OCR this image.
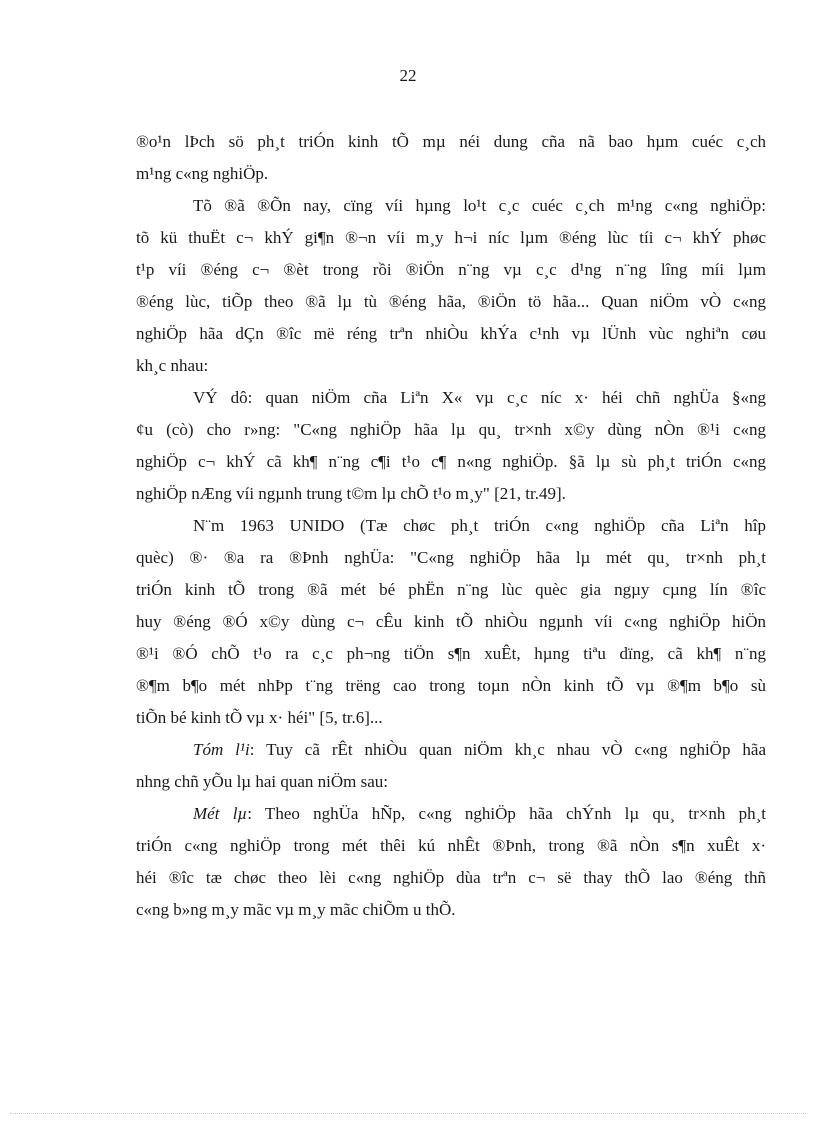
22
®o¹n lÞch sö ph¸t triÓn kinh tÕ mµ néi dung cña nã bao hµm cuéc c¸ch
m¹ng c«ng nghiÖp.
Tõ ®ã ®Õn nay, cïng víi hµng lo¹t c¸c cuéc c¸ch m¹ng c«ng nghiÖp:
tõ kü thuËt c¬ khÝ gi¶n ®¬n víi m¸y h¬i níc lµm ®éng lùc tíi c¬ khÝ phøc
t¹p víi ®éng c¬ ®èt trong rồi ®iÖn n¨ng vµ c¸c d¹ng n¨ng lîng míi lµm
®éng lùc, tiÕp theo ®ã lµ tù ®éng hãa, ®iÖn tö hãa... Quan niÖm vÒ c«ng
nghiÖp hãa dÇn ®îc më réng trªn nhiÒu khÝa c¹nh vµ lÜnh vùc nghiªn cøu
kh¸c nhau:
VÝ dô: quan niÖm cña Liªn X« vµ c¸c níc x· héi chñ nghÜa §«ng
¢u (cò) cho r»ng: "C«ng nghiÖp hãa lµ qu¸ tr×nh x©y dùng nÒn ®¹i c«ng
nghiÖp c¬ khÝ cã kh¶ n¨ng c¶i t¹o c¶ n«ng nghiÖp. §ã lµ sù ph¸t triÓn c«ng
nghiÖp nÆng víi ngµnh trung t©m lµ chÕ t¹o m¸y" [21, tr.49].
N¨m 1963 UNIDO (Tæ chøc ph¸t triÓn c«ng nghiÖp cña Liªn hîp
quèc) ®· ®a ra ®Þnh nghÜa: "C«ng nghiÖp hãa lµ mét qu¸ tr×nh ph¸t
triÓn kinh tÕ trong ®ã mét bé phËn n¨ng lùc quèc gia ngµy cµng lín ®îc
huy ®éng ®Ó x©y dùng c¬ cÊu kinh tÕ nhiÒu ngµnh víi c«ng nghiÖp hiÖn
®¹i ®Ó chÕ t¹o ra c¸c ph¬ng tiÖn s¶n xuÊt, hµng tiªu dïng, cã kh¶ n¨ng
®¶m b¶o mét nhÞp t¨ng trëng cao trong toµn nÒn kinh tÕ vµ ®¶m b¶o sù
tiÕn bé kinh tÕ vµ x· héi" [5, tr.6]...
Tóm l¹i: Tuy cã rÊt nhiÒu quan niÖm kh¸c nhau vÒ c«ng nghiÖp hãa
nhng chñ yÕu lµ hai quan niÖm sau:
Mét lµ: Theo nghÜa hÑp, c«ng nghiÖp hãa chÝnh lµ qu¸ tr×nh ph¸t
triÓn c«ng nghiÖp trong mét thêi kú nhÊt ®Þnh, trong ®ã nÒn s¶n xuÊt x·
héi ®îc tæ chøc theo lèi c«ng nghiÖp dùa trªn c¬ së thay thÕ lao ®éng thñ
c«ng b»ng m¸y mãc vµ m¸y mãc chiÕm u thÕ.
